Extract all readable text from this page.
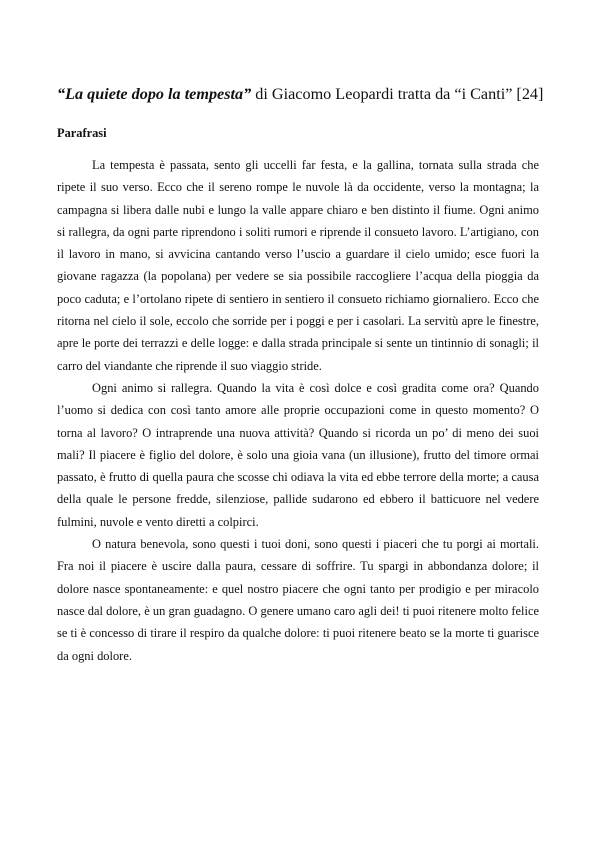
“La quiete dopo la tempesta” di Giacomo Leopardi tratta da “i Canti” [24]
Parafrasi

La tempesta è passata, sento gli uccelli far festa, e la gallina, tornata sulla strada che ripete il suo verso. Ecco che il sereno rompe le nuvole là da occidente, verso la montagna; la campagna si libera dalle nubi e lungo la valle appare chiaro e ben distinto il fiume. Ogni animo si rallegra, da ogni parte riprendono i soliti rumori e riprende il consueto lavoro. L’artigiano, con il lavoro in mano, si avvicina cantando verso l’uscio a guardare il cielo umido; esce fuori la giovane ragazza (la popolana) per vedere se sia possibile raccogliere l’acqua della pioggia da poco caduta; e l’ortolano ripete di sentiero in sentiero il consueto richiamo giornaliero. Ecco che ritorna nel cielo il sole, eccolo che sorride per i poggi e per i casolari. La servitù apre le finestre, apre le porte dei terrazzi e delle logge: e dalla strada principale si sente un tintinnio di sonagli; il carro del viandante che riprende il suo viaggio stride.

Ogni animo si rallegra. Quando la vita è così dolce e così gradita come ora? Quando l’uomo si dedica con così tanto amore alle proprie occupazioni come in questo momento? O torna al lavoro? O intraprende una nuova attività? Quando si ricorda un po’ di meno dei suoi mali? Il piacere è figlio del dolore, è solo una gioia vana (un illusione), frutto del timore ormai passato, è frutto di quella paura che scosse chi odiava la vita ed ebbe terrore della morte; a causa della quale le persone fredde, silenziose, pallide sudarono ed ebbero il batticuore nel vedere fulmini, nuvole e vento diretti a colpirci.

O natura benevola, sono questi i tuoi doni, sono questi i piaceri che tu porgi ai mortali. Fra noi il piacere è uscire dalla paura, cessare di soffrire. Tu spargi in abbondanza dolore; il dolore nasce spontaneamente: e quel nostro piacere che ogni tanto per prodigio e per miracolo nasce dal dolore, è un gran guadagno. O genere umano caro agli dei! ti puoi ritenere molto felice se ti è concesso di tirare il respiro da qualche dolore: ti puoi ritenere beato se la morte ti guarisce da ogni dolore.
